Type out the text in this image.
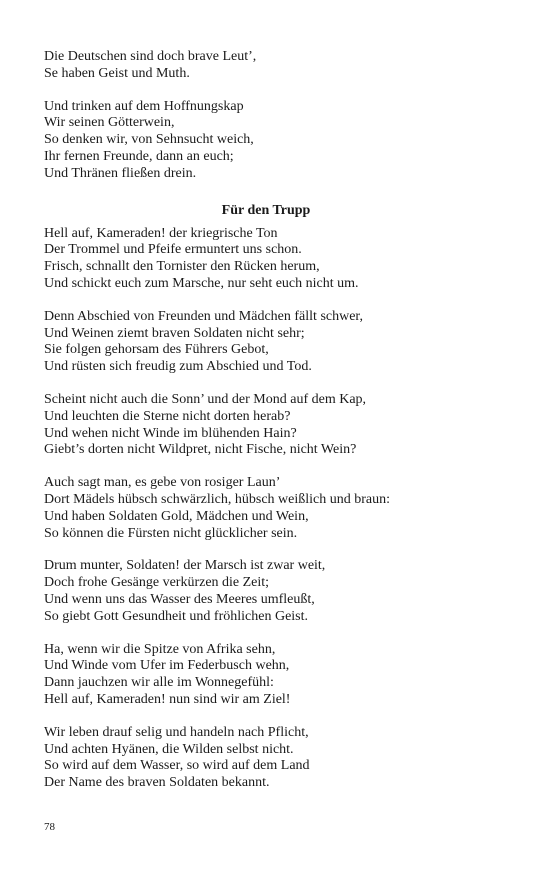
Die Deutschen sind doch brave Leut’,
Se haben Geist und Muth.
Und trinken auf dem Hoffnungskap
Wir seinen Götterwein,
So denken wir, von Sehnsucht weich,
Ihr fernen Freunde, dann an euch;
Und Thränen fließen drein.
Für den Trupp
Hell auf, Kameraden! der kriegrische Ton
Der Trommel und Pfeife ermuntert uns schon.
Frisch, schnallt den Tornister den Rücken herum,
Und schickt euch zum Marsche, nur seht euch nicht um.
Denn Abschied von Freunden und Mädchen fällt schwer,
Und Weinen ziemt braven Soldaten nicht sehr;
Sie folgen gehorsam des Führers Gebot,
Und rüsten sich freudig zum Abschied und Tod.
Scheint nicht auch die Sonn’ und der Mond auf dem Kap,
Und leuchten die Sterne nicht dorten herab?
Und wehen nicht Winde im blühenden Hain?
Giebt’s dorten nicht Wildpret, nicht Fische, nicht Wein?
Auch sagt man, es gebe von rosiger Laun’
Dort Mädels hübsch schwärzlich, hübsch weißlich und braun:
Und haben Soldaten Gold, Mädchen und Wein,
So können die Fürsten nicht glücklicher sein.
Drum munter, Soldaten! der Marsch ist zwar weit,
Doch frohe Gesänge verkürzen die Zeit;
Und wenn uns das Wasser des Meeres umfleußt,
So giebt Gott Gesundheit und fröhlichen Geist.
Ha, wenn wir die Spitze von Afrika sehn,
Und Winde vom Ufer im Federbusch wehn,
Dann jauchzen wir alle im Wonnegefühl:
Hell auf, Kameraden! nun sind wir am Ziel!
Wir leben drauf selig und handeln nach Pflicht,
Und achten Hyänen, die Wilden selbst nicht.
So wird auf dem Wasser, so wird auf dem Land
Der Name des braven Soldaten bekannt.
78
